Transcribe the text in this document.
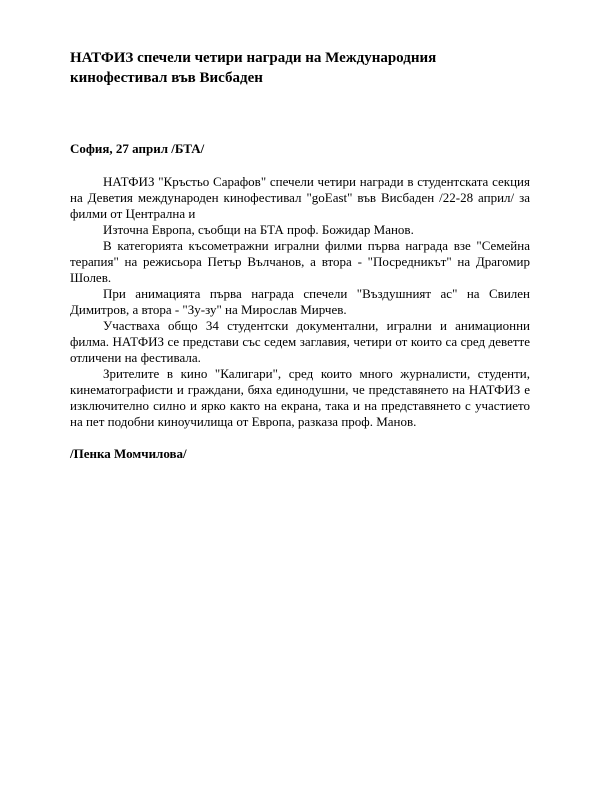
НАТФИЗ спечели четири награди на Международния кинофестивал във Висбаден

София, 27 април /БТА/

НАТФИЗ "Кръстьо Сарафов" спечели четири награди в студентската секция на Деветия международен кинофестивал "goEast" във Висбаден /22-28 април/ за филми от Централна и

Източна Европа, съобщи на БТА проф. Божидар Манов.

В категорията късометражни игрални филми първа награда взе "Семейна терапия" на режисьора Петър Вълчанов, а втора - "Посредникът" на Драгомир Шолев.

При анимацията първа награда спечели "Въздушният ас" на Свилен Димитров, а втора - "Зу-зу" на Мирослав Мирчев.

Участваха общо 34 студентски документални, игрални и анимационни филма. НАТФИЗ се представи със седем заглавия, четири от които са сред деветте отличени на фестивала.

Зрителите в кино "Калигари", сред които много журналисти, студенти, кинематографисти и граждани, бяха единодушни, че представянето на НАТФИЗ е изключително силно и ярко както на екрана, така и на представянето с участието на пет подобни киноучилища от Европа, разказа проф. Манов.

/Пенка Момчилова/
